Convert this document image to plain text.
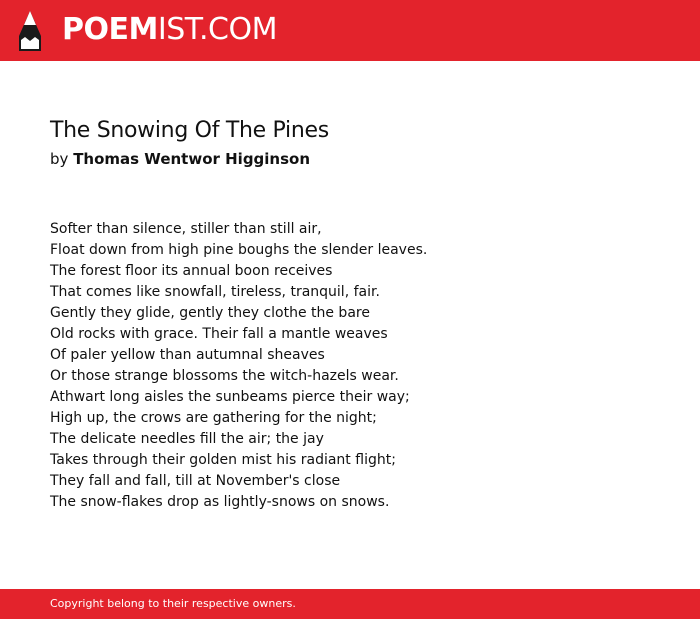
POEMIST.COM
The Snowing Of The Pines
by Thomas Wentwor Higginson
Softer than silence, stiller than still air,
Float down from high pine boughs the slender leaves.
The forest floor its annual boon receives
That comes like snowfall, tireless, tranquil, fair.
Gently they glide, gently they clothe the bare
Old rocks with grace. Their fall a mantle weaves
Of paler yellow than autumnal sheaves
Or those strange blossoms the witch-hazels wear.
Athwart long aisles the sunbeams pierce their way;
High up, the crows are gathering for the night;
The delicate needles fill the air; the jay
Takes through their golden mist his radiant flight;
They fall and fall, till at November's close
The snow-flakes drop as lightly-snows on snows.
Copyright belong to their respective owners.
